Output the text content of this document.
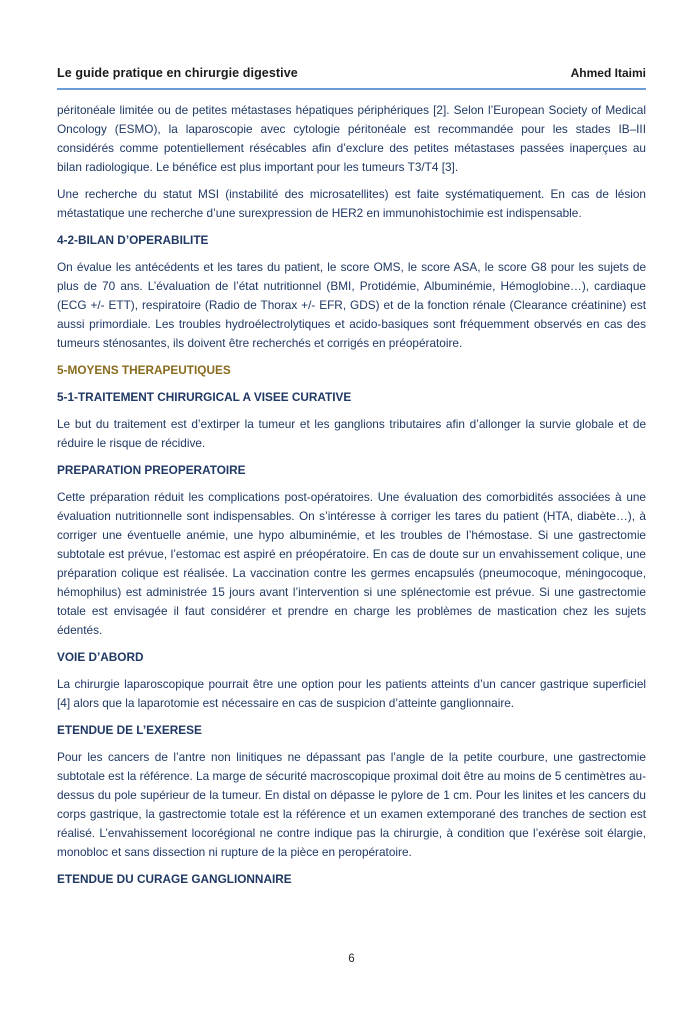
Le guide pratique en chirurgie digestive	Ahmed Itaimi

péritonéale limitée ou de petites métastases hépatiques périphériques [2]. Selon l’European Society of Medical Oncology (ESMO), la laparoscopie avec cytologie péritonéale est recommandée pour les stades IB–III considérés comme potentiellement résécables afin d’exclure des petites métastases passées inaperçues au bilan radiologique. Le bénéfice est plus important pour les tumeurs T3/T4 [3].

Une recherche du statut MSI (instabilité des microsatellites) est faite systématiquement. En cas de lésion métastatique une recherche d’une surexpression de HER2 en immunohistochimie est indispensable.

4-2-BILAN D’OPERABILITE

On évalue les antécédents et les tares du patient, le score OMS, le score ASA, le score G8 pour les sujets de plus de 70 ans. L’évaluation de l’état nutritionnel (BMI, Protidémie, Albuminémie, Hémoglobine…), cardiaque (ECG +/- ETT), respiratoire (Radio de Thorax +/- EFR, GDS) et de la fonction rénale (Clearance créatinine) est aussi primordiale. Les troubles hydroélectrolytiques et acido-basiques sont fréquemment observés en cas des tumeurs sténosantes, ils doivent être recherchés et corrigés en préopératoire.

5-MOYENS THERAPEUTIQUES
5-1-TRAITEMENT CHIRURGICAL A VISEE CURATIVE

Le but du traitement est d’extirper la tumeur et les ganglions tributaires afin d’allonger la survie globale et de réduire le risque de récidive.

PREPARATION PREOPERATOIRE

Cette préparation réduit les complications post-opératoires. Une évaluation des comorbidités associées à une évaluation nutritionnelle sont indispensables. On s’intéresse à corriger les tares du patient (HTA, diabète…), à corriger une éventuelle anémie, une hypo albuminémie, et les troubles de l’hémostase. Si une gastrectomie subtotale est prévue, l’estomac est aspiré en préopératoire. En cas de doute sur un envahissement colique, une préparation colique est réalisée. La vaccination contre les germes encapsulés (pneumocoque, méningocoque, hémophilus) est administrée 15 jours avant l’intervention si une splénectomie est prévue. Si une gastrectomie totale est envisagée il faut considérer et prendre en charge les problèmes de mastication chez les sujets édentés.

VOIE D’ABORD

La chirurgie laparoscopique pourrait être une option pour les patients atteints d’un cancer gastrique superficiel [4] alors que la laparotomie est nécessaire en cas de suspicion d’atteinte ganglionnaire.

ETENDUE DE L’EXERESE

Pour les cancers de l’antre non linitiques ne dépassant pas l’angle de la petite courbure, une gastrectomie subtotale est la référence. La marge de sécurité macroscopique proximal doit être au moins de 5 centimètres au-dessus du pole supérieur de la tumeur. En distal on dépasse le pylore de 1 cm. Pour les linites et les cancers du corps gastrique, la gastrectomie totale est la référence et un examen extemporané des tranches de section est réalisé. L’envahissement locorégional ne contre indique pas la chirurgie, à condition que l’exérèse soit élargie, monobloc et sans dissection ni rupture de la pièce en peropératoire.

ETENDUE DU CURAGE GANGLIONNAIRE
6
